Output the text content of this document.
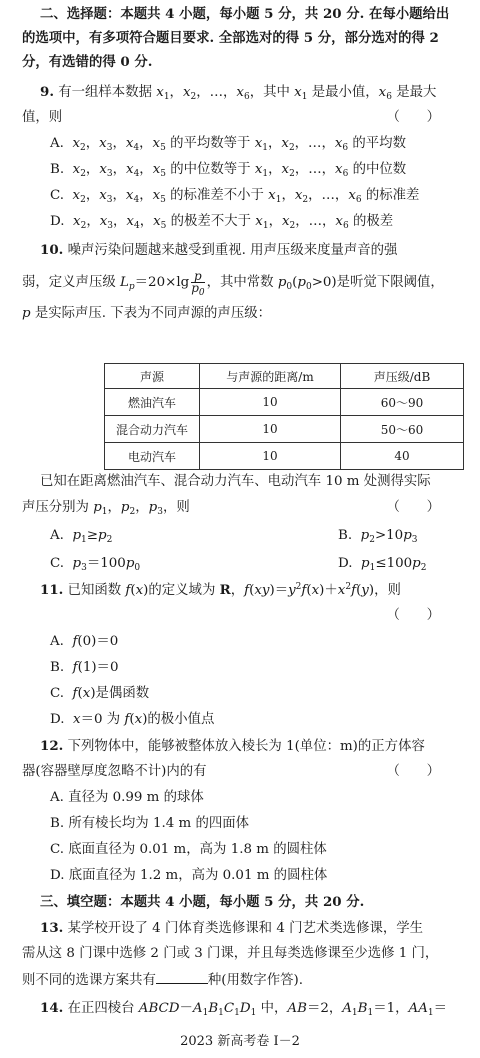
二、选择题：本题共 4 小题，每小题 5 分，共 20 分. 在每小题给出
的选项中，有多项符合题目要求. 全部选对的得 5 分，部分选对的得 2
分，有选错的得 0 分.
9. 有一组样本数据 $x_1$，$x_2$，…，$x_6$，其中 $x_1$ 是最小值，$x_6$ 是最大
值，则	（　　）
A. $x_2$，$x_3$，$x_4$，$x_5$ 的平均数等于 $x_1$，$x_2$，…，$x_6$ 的平均数
B. $x_2$，$x_3$，$x_4$，$x_5$ 的中位数等于 $x_1$，$x_2$，…，$x_6$ 的中位数
C. $x_2$，$x_3$，$x_4$，$x_5$ 的标准差不小于 $x_1$，$x_2$，…，$x_6$ 的标准差
D. $x_2$，$x_3$，$x_4$，$x_5$ 的极差不大于 $x_1$，$x_2$，…，$x_6$ 的极差
10. 噪声污染问题越来越受到重视. 用声压级来度量声音的强
弱，定义声压级 $L_p=20\times\lg \frac{p}{p_0}$ ，其中常数 $p_0(p_0>0)$是听觉下限阈值，
p 是实际声压. 下表为不同声源的声压级：
声源	与声源的距离/m	声压级/dB
燃油汽车	10	60～90
混合动力汽车	10	50～60
电动汽车	10	40
已知在距离燃油汽车、混合动力汽车、电动汽车 10 m 处测得实际
声压分别为 $p_1$，$p_2$，$p_3$，则	（　　）
A. $p_1\ge p_2$	B. $p_2>10p_3$
C. $p_3=100p_0$	D. $p_1\le 100p_2$
11. 已知函数 f(x)的定义域为 R，$f(xy)=y^2f(x)+x^2f(y)$，则
（　　）
A. f(0)＝0
B. f(1)＝0
C. f(x)是偶函数
D. x＝0 为 f(x)的极小值点
12. 下列物体中，能够被整体放入棱长为 1(单位：m)的正方体容
器(容器壁厚度忽略不计)内的有	（　　）
A. 直径为 0.99 m 的球体
B. 所有棱长均为 1.4 m 的四面体
C. 底面直径为 0.01 m，高为 1.8 m 的圆柱体
D. 底面直径为 1.2 m，高为 0.01 m 的圆柱体
三、填空题：本题共 4 小题，每小题 5 分，共 20 分.
13. 某学校开设了 4 门体育类选修课和 4 门艺术类选修课，学生
需从这 8 门课中选修 2 门或 3 门课，并且每类选修课至少选修 1 门，
则不同的选课方案共有	种(用数字作答).
14. 在正四棱台 $ABCD-A_1B_1C_1D_1$ 中，AB＝2，$A_1B_1=1$，$AA_1=$
2023 新高考卷 Ⅰ－2
